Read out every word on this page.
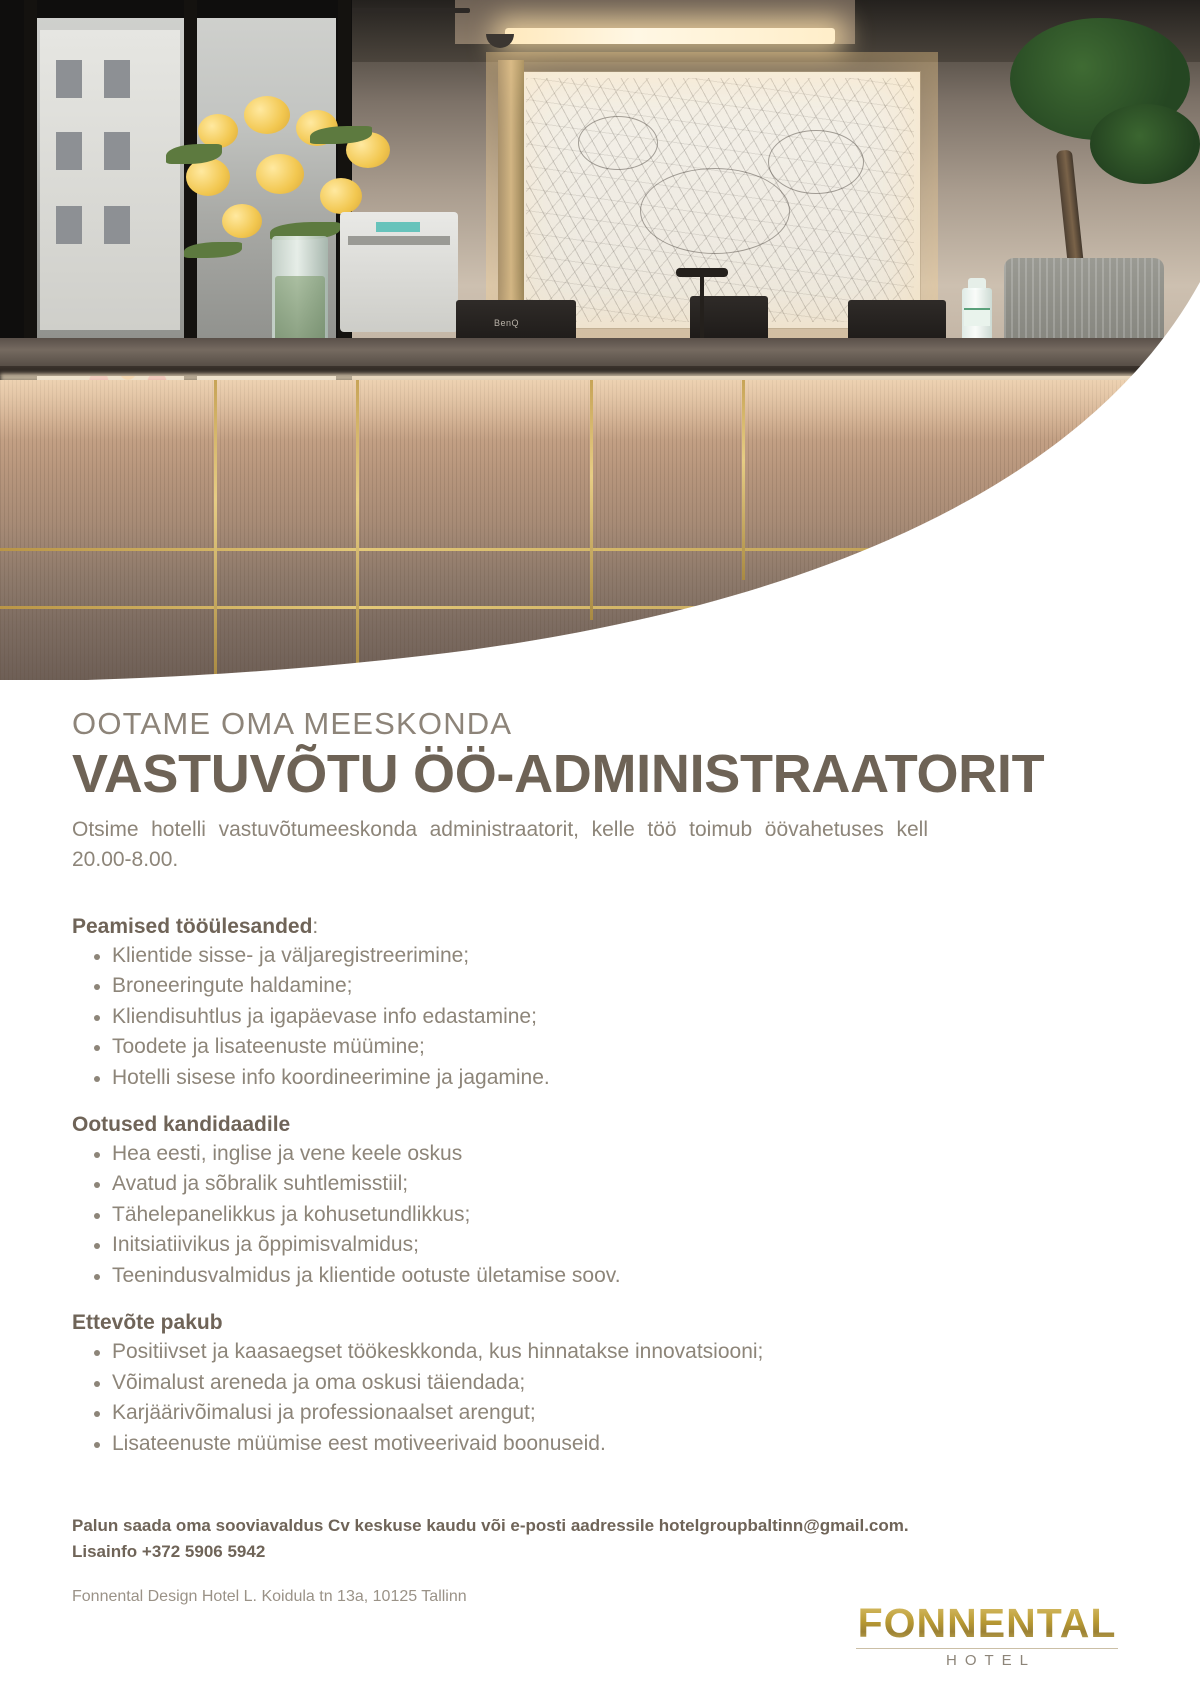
BenQ
OOTAME OMA MEESKONDA
VASTUVÕTU ÖÖ-ADMINISTRAATORIT

Otsime hotelli vastuvõtumeeskonda administraatorit, kelle töö toimub öövahetuses kell 20.00-8.00.

Peamised tööülesanded:
Klientide sisse- ja väljaregistreerimine;
Broneeringute haldamine;
Kliendisuhtlus ja igapäevase info edastamine;
Toodete ja lisateenuste müümine;
Hotelli sisese info koordineerimine ja jagamine.
Ootused kandidaadile
Hea eesti, inglise ja vene keele oskus
Avatud ja sõbralik suhtlemisstiil;
Tähelepanelikkus ja kohusetundlikkus;
Initsiatiivikus ja õppimisvalmidus;
Teenindusvalmidus ja klientide ootuste ületamise soov.
Ettevõte pakub
Positiivset ja kaasaegset töökeskkonda, kus hinnatakse innovatsiooni;
Võimalust areneda ja oma oskusi täiendada;
Karjäärivõimalusi ja professionaalset arengut;
Lisateenuste müümise eest motiveerivaid boonuseid.
Palun saada oma sooviavaldus Cv keskuse kaudu või e-posti aadressile hotelgroupbaltinn@gmail.com.
Lisainfo +372 5906 5942
Fonnental Design Hotel L. Koidula tn 13a, 10125 Tallinn
FONNENTAL
HOTEL
